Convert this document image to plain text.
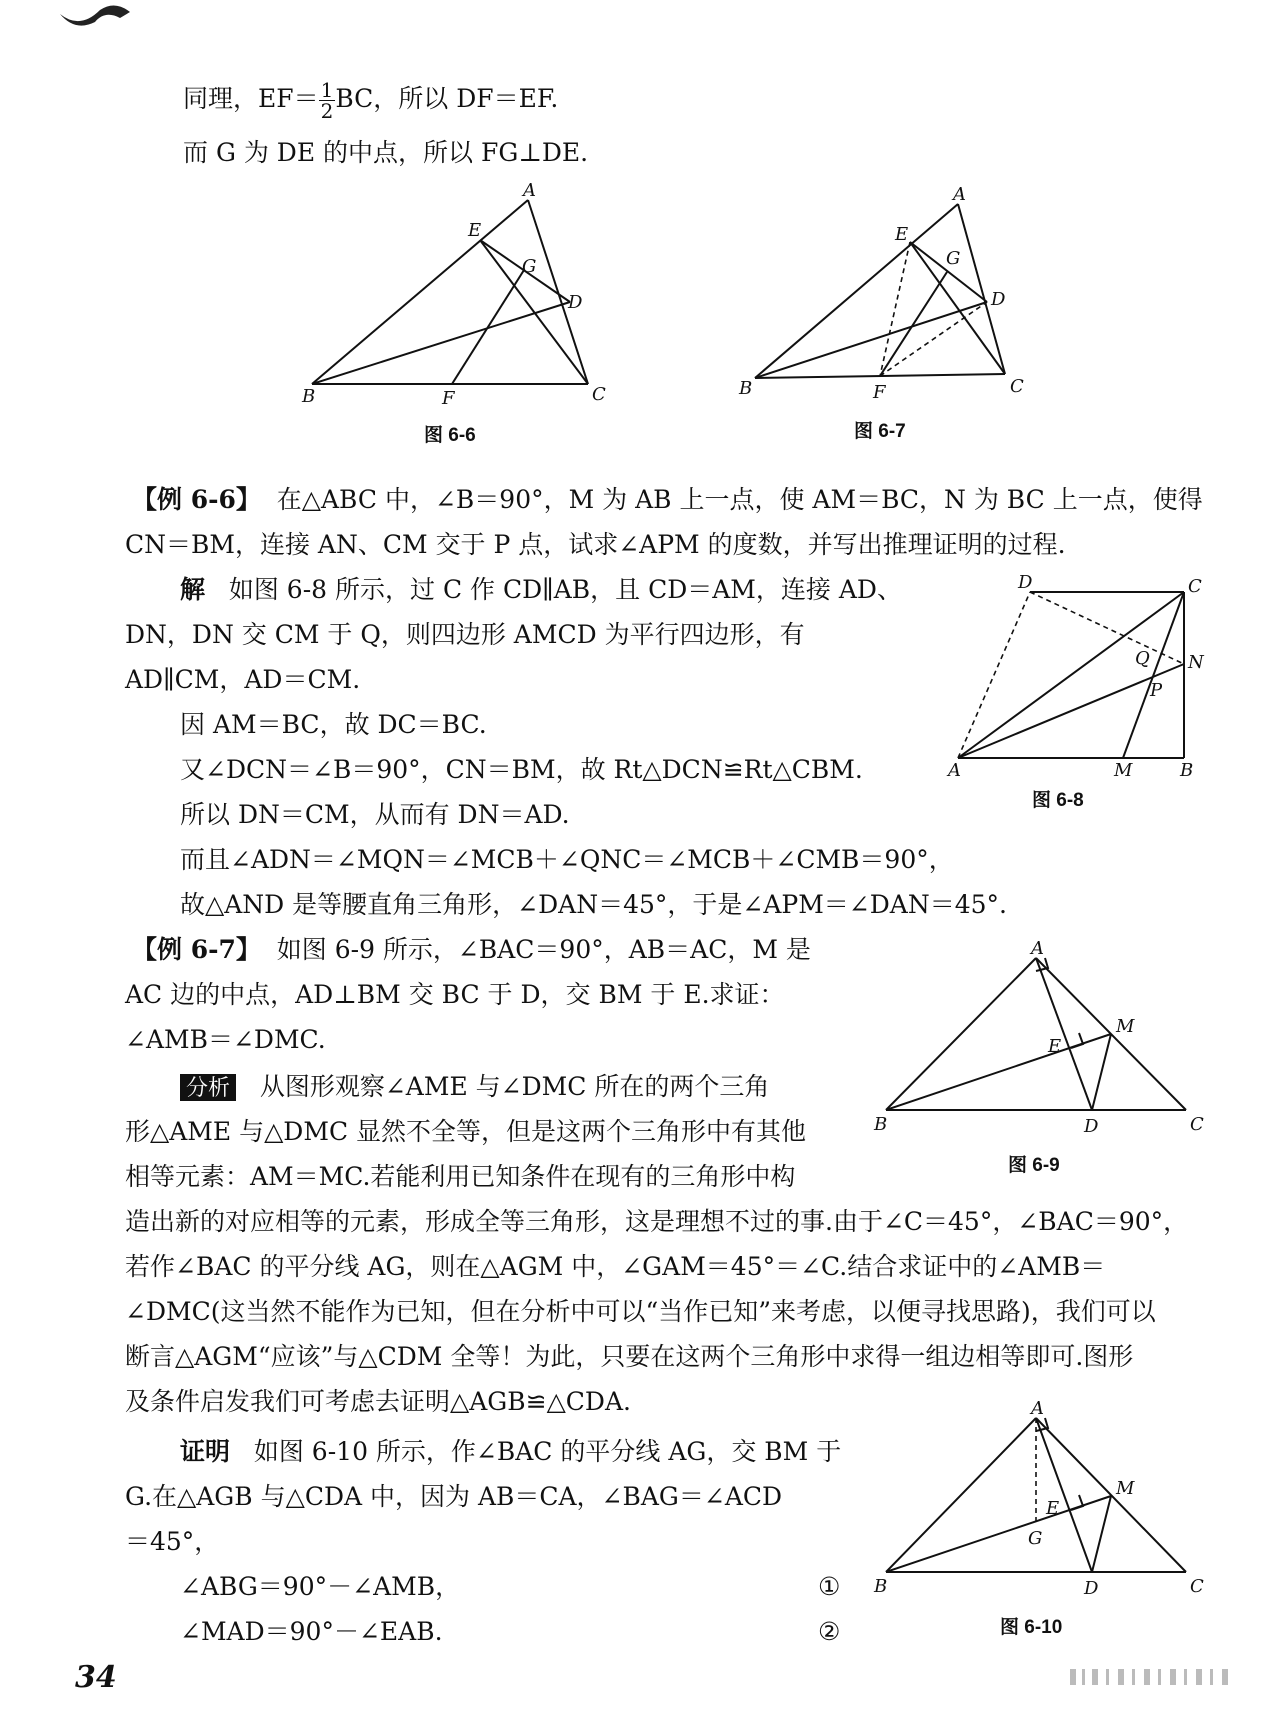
同理，$EF= \frac{1}{2}$ BC，所以 DF＝EF.
而 G 为 DE 的中点，所以 FG⊥DE.
A
B	C
D
E
F
G
图 6-6
A
B	C
D
E
F
G
图 6-7
【例 6-6】 在△ABC 中，∠B＝90°，M 为 AB 上一点，使 AM＝BC，N 为 BC 上一点，使得
CN＝BM，连接 AN、CM 交于 P 点，试求∠APM 的度数，并写出推理证明的过程.
解 如图 6-8 所示，过 C 作 CD∥AB，且 CD＝AM，连接 AD、
DN，DN 交 CM 于 Q，则四边形 AMCD 为平行四边形，有
AD∥CM，AD＝CM.
因 AM＝BC，故 DC＝BC.
又∠DCN＝∠B＝90°，CN＝BM，故 Rt△DCN≌Rt△CBM.
所以 DN＝CM，从而有 DN＝AD.
而且∠ADN＝∠MQN＝∠MCB＋∠QNC＝∠MCB＋∠CMB＝90°，
故△AND 是等腰直角三角形，∠DAN＝45°，于是∠APM＝∠DAN＝45°.
A	B
C
D
M
N
P
Q
图 6-8
【例 6-7】 如图 6-9 所示，∠BAC＝90°，AB＝AC，M 是
AC 边的中点，AD⊥BM 交 BC 于 D，交 BM 于 E.求证：
∠AMB＝∠DMC.
A
B	C
D
E
M
图 6-9
分析 从图形观察∠AME 与∠DMC 所在的两个三角
形△AME 与△DMC 显然不全等，但是这两个三角形中有其他
相等元素：AM＝MC.若能利用已知条件在现有的三角形中构
造出新的对应相等的元素，形成全等三角形，这是理想不过的事.由于∠C＝45°，∠BAC＝90°，
若作∠BAC 的平分线 AG，则在△AGM 中，∠GAM＝45°＝∠C.结合求证中的∠AMB＝
∠DMC(这当然不能作为已知，但在分析中可以“当作已知”来考虑，以便寻找思路)，我们可以
断言△AGM“应该”与△CDM 全等！为此，只要在这两个三角形中求得一组边相等即可.图形
及条件启发我们可考虑去证明△AGB≌△CDA.
证明 如图 6-10 所示，作∠BAC 的平分线 AG，交 BM 于
G.在△AGB 与△CDA 中，因为 AB＝CA，∠BAG＝∠ACD
＝45°，
∠ABG＝90°－∠AMB，	①
∠MAD＝90°－∠EAB.	②
A
B	C
D
E
G
M
图 6-10
34
